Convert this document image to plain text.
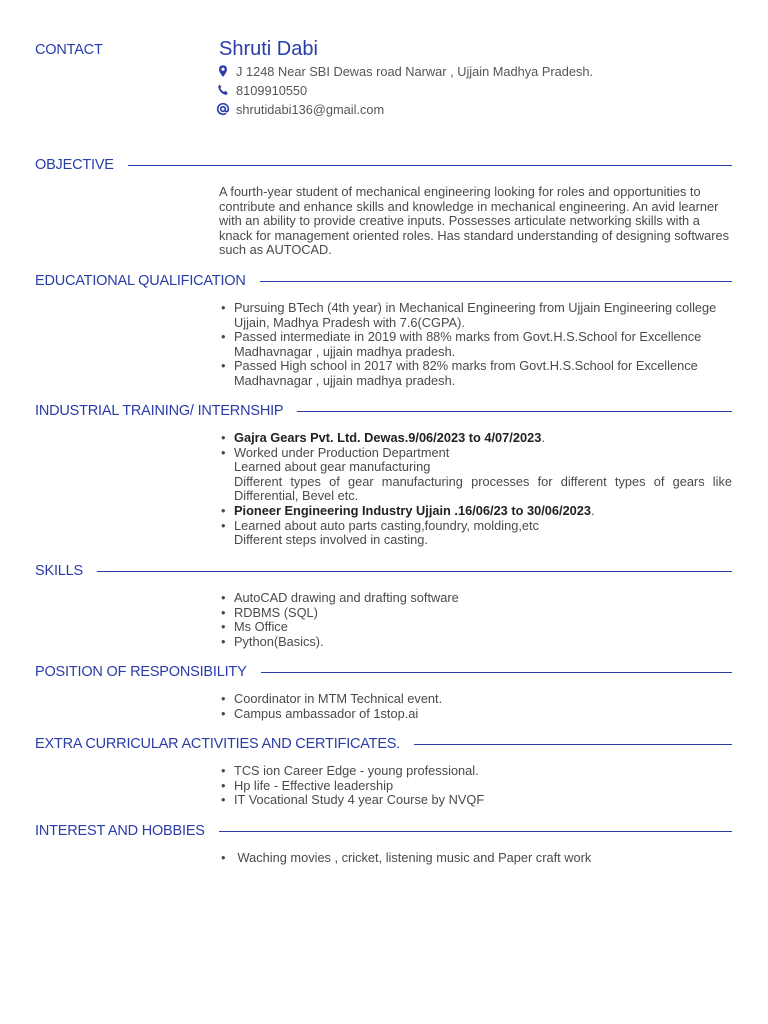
CONTACT	Shruti Dabi
J 1248 Near SBI Dewas road Narwar , Ujjain Madhya Pradesh.
8109910550
shrutidabi136@gmail.com
OBJECTIVE

A fourth-year student of mechanical engineering looking for roles and opportunities to contribute and enhance skills and knowledge in mechanical engineering. An avid learner with an ability to provide creative inputs. Possesses articulate networking skills with a knack for management oriented roles. Has standard understanding of designing softwares such as AUTOCAD.

EDUCATIONAL QUALIFICATION
• Pursuing BTech (4th year) in Mechanical Engineering from Ujjain Engineering college Ujjain, Madhya Pradesh with 7.6(CGPA).
• Passed intermediate in 2019 with 88% marks from Govt.H.S.School for Excellence Madhavnagar , ujjain madhya pradesh.
• Passed High school in 2017 with 82% marks from Govt.H.S.School for Excellence Madhavnagar , ujjain madhya pradesh.
INDUSTRIAL TRAINING/ INTERNSHIP
• Gajra Gears Pvt. Ltd. Dewas.9/06/2023 to 4/07/2023.
• Worked under Production Department
Learned about gear manufacturing
Different types of gear manufacturing processes for different types of gears like Differential, Bevel etc.
• Pioneer Engineering Industry Ujjain .16/06/23 to 30/06/2023.
• Learned about auto parts casting,foundry, molding,etc
Different steps involved in casting.
SKILLS
• AutoCAD drawing and drafting software
• RDBMS (SQL)
• Ms Office
• Python(Basics).
POSITION OF RESPONSIBILITY
• Coordinator in MTM Technical event.
• Campus ambassador of 1stop.ai
EXTRA CURRICULAR ACTIVITIES AND CERTIFICATES.
• TCS ion Career Edge - young professional.
• Hp life - Effective leadership
• IT Vocational Study 4 year Course by NVQF
INTEREST AND HOBBIES
• Waching movies , cricket, listening music and Paper craft work
